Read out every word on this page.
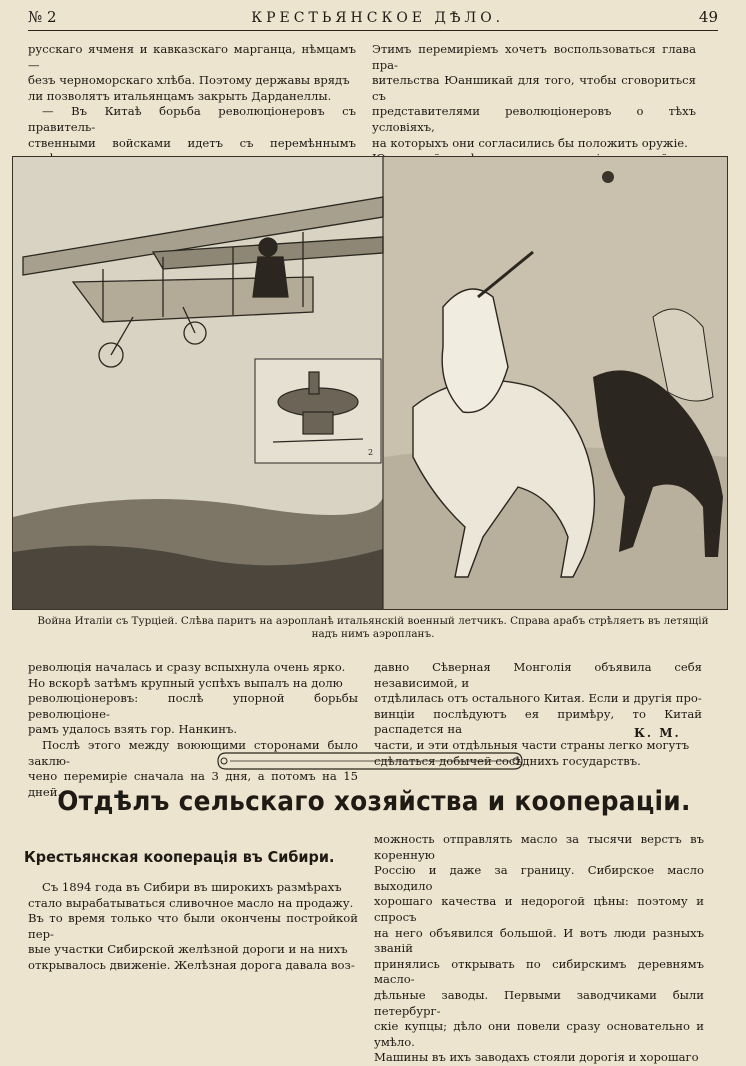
№ 2	КРЕСТЬЯНСКОЕ ДѢЛО.	49

русскаго ячменя и кавказскаго марганца, нѣмцамъ—

безъ черноморскаго хлѣба. Поэтому державы врядъ

ли позволятъ итальянцамъ закрыть Дарданеллы.

— Въ Китаѣ борьба революціонеровъ съ правитель-

ственными войсками идетъ съ перемѣннымъ

Этимъ перемиріемъ хочетъ воспользоваться глава пра-

вительства Юаншикай для того, чтобы сговориться съ

представителями революціонеровъ о тѣхъ условіяхъ,

на которыхъ они согласились бы положить оружіе.

2
Война Италіи съ Турціей. Слѣва паритъ на аэропланѣ итальянскій военный летчикъ. Справа арабъ стрѣляетъ въ летящій надъ нимъ аэропланъ.

революція началась и сразу вспыхнула очень ярко.

Но вскорѣ затѣмъ крупный успѣхъ выпалъ на долю

революціонеровъ: послѣ упорной борьбы революціоне-

рамъ удалось взять гор. Нанкинъ.

Послѣ этого между воюющими сторонами было заклю-

чено перемиріе сначала на 3 дня, а потомъ на 15 дней.

давно Сѣверная Монголія объявила себя независимой, и

отдѣлилась отъ остального Китая. Если и другія про-

винціи послѣдуютъ ея примѣру, то Китай распадется на

части, и эти отдѣльныя части страны легко могутъ

сдѣлаться добычей сосѣднихъ государствъ.

К. М.
Отдѣлъ сельскаго хозяйства и кооперацiи.
Крестьянская кооперація въ Сибири.

Съ 1894 года въ Сибири въ широкихъ размѣрахъ

стало вырабатываться сливочное масло на продажу.

Въ то время только что были окончены постройкой пер-

вые участки Сибирской желѣзной дороги и на нихъ

открывалось движеніе. Желѣзная дорога давала воз-

можность отправлять масло за тысячи верстъ въ коренную

Россію и даже за границу. Сибирское масло выходило

хорошаго качества и недорогой цѣны: поэтому и спросъ

на него объявился большой. И вотъ люди разныхъ званій

принялись открывать по сибирскимъ деревнямъ масло-

дѣльные заводы. Первыми заводчиками были петербург-

скіе купцы; дѣло они повели сразу основательно и умѣло.

Машины въ ихъ заводахъ стояли дорогія и хорошаго
